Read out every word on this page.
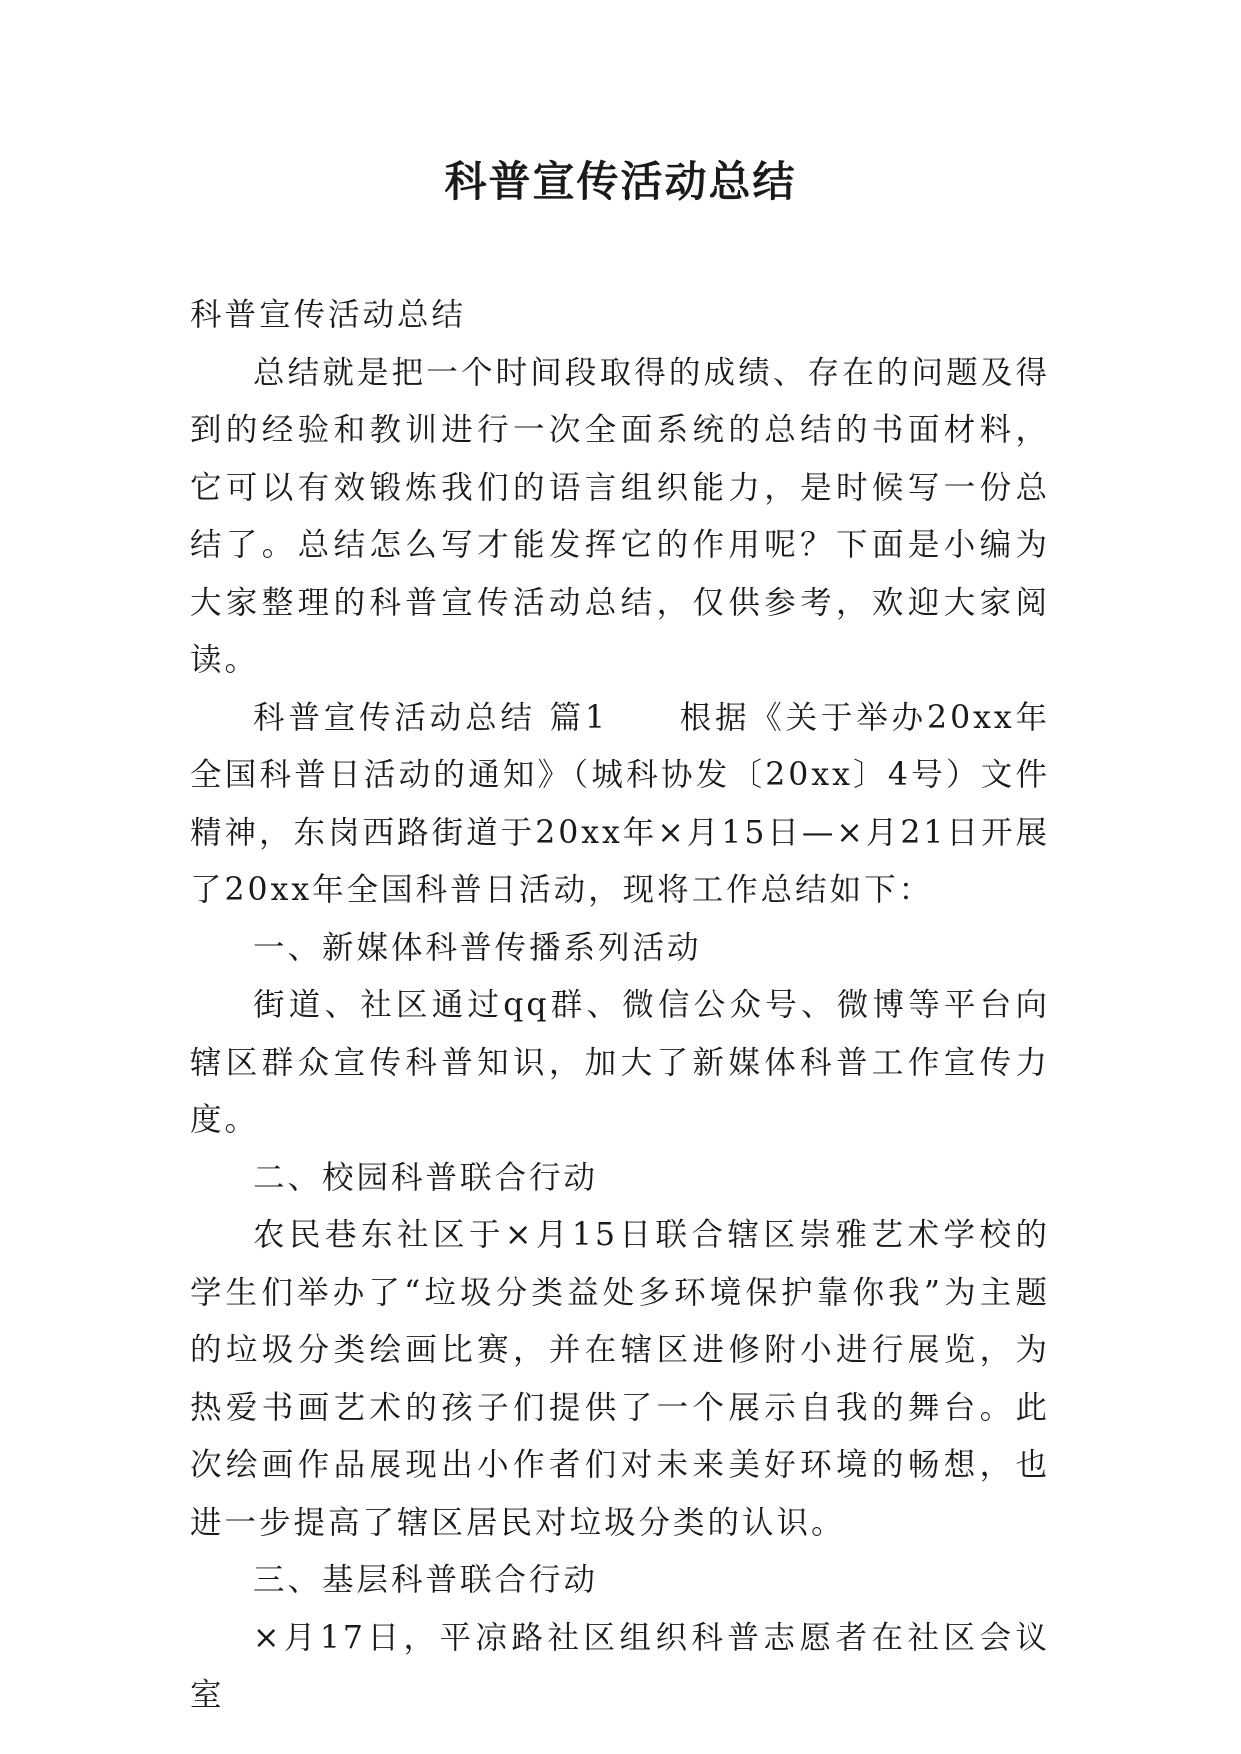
科普宣传活动总结

科普宣传活动总结

总结就是把一个时间段取得的成绩、存在的问题及得到的经验和教训进行一次全面系统的总结的书面材料，它可以有效锻炼我们的语言组织能力，是时候写一份总结了。总结怎么写才能发挥它的作用呢？下面是小编为大家整理的科普宣传活动总结，仅供参考，欢迎大家阅读。

科普宣传活动总结 篇1　　根据《关于举办20xx年全国科普日活动的通知》（城科协发〔20xx〕4号）文件精神，东岗西路街道于20xx年×月15日—×月21日开展了20xx年全国科普日活动，现将工作总结如下：

一、新媒体科普传播系列活动

街道、社区通过qq群、微信公众号、微博等平台向辖区群众宣传科普知识，加大了新媒体科普工作宣传力度。

二、校园科普联合行动

农民巷东社区于×月15日联合辖区崇雅艺术学校的学生们举办了“垃圾分类益处多环境保护靠你我”为主题的垃圾分类绘画比赛，并在辖区进修附小进行展览，为热爱书画艺术的孩子们提供了一个展示自我的舞台。此次绘画作品展现出小作者们对未来美好环境的畅想，也进一步提高了辖区居民对垃圾分类的认识。

三、基层科普联合行动

×月17日，平凉路社区组织科普志愿者在社区会议室
